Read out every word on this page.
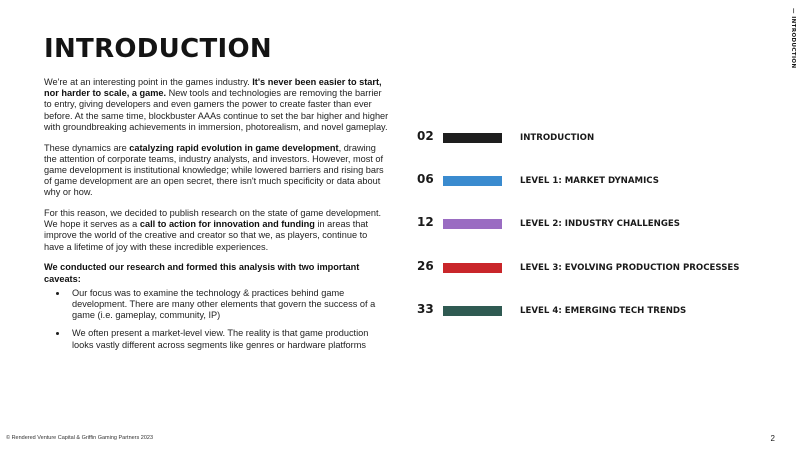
— INTRODUCTION
INTRODUCTION

We're at an interesting point in the games industry. It's never been easier to start, nor harder to scale, a game. New tools and technologies are removing the barrier to entry, giving developers and even gamers the power to create faster than ever before. At the same time, blockbuster AAAs continue to set the bar higher and higher with groundbreaking achievements in immersion, photorealism, and novel gameplay.

These dynamics are catalyzing rapid evolution in game development, drawing the attention of corporate teams, industry analysts, and investors. However, most of game development is institutional knowledge; while lowered barriers and rising bars of game development are an open secret, there isn't much specificity or data about why or how.

For this reason, we decided to publish research on the state of game development. We hope it serves as a call to action for innovation and funding in areas that improve the world of the creative and creator so that we, as players, continue to have a lifetime of joy with these incredible experiences.

We conducted our research and formed this analysis with two important caveats:
• Our focus was to examine the technology & practices behind game development. There are many other elements that govern the success of a game (i.e. gameplay, community, IP)
• We often present a market-level view. The reality is that game production looks vastly different across segments like genres or hardware platforms
02	INTRODUCTION
06	LEVEL 1: MARKET DYNAMICS
12	LEVEL 2: INDUSTRY CHALLENGES
26	LEVEL 3: EVOLVING PRODUCTION PROCESSES
33	LEVEL 4: EMERGING TECH TRENDS
© Rendered Venture Capital & Griffin Gaming Partners 2023	2
